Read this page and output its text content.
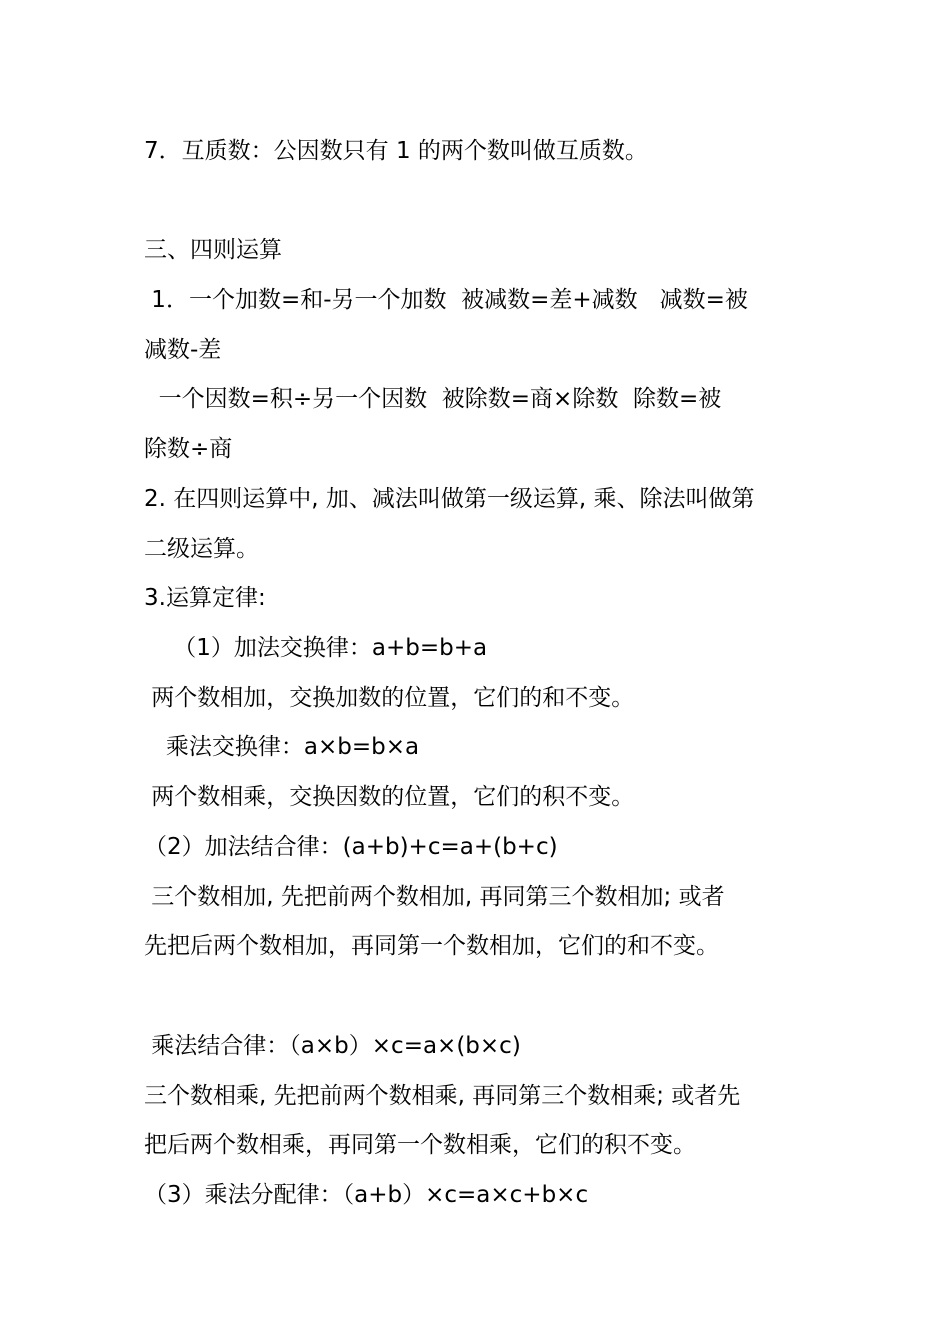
7．互质数：公因数只有 1 的两个数叫做互质数。

三、四则运算

1．一个加数=和-另一个加数  被减数=差+减数   减数=被

减数-差

一个因数=积÷另一个因数  被除数=商×除数  除数=被

除数÷商

2. 在四则运算中, 加、减法叫做第一级运算, 乘、除法叫做第

二级运算。

3.运算定律:

（1）加法交换律：a+b=b+a

两个数相加，交换加数的位置，它们的和不变。

乘法交换律：a×b=b×a

两个数相乘，交换因数的位置，它们的积不变。

（2）加法结合律：(a+b)+c=a+(b+c)

三个数相加, 先把前两个数相加, 再同第三个数相加; 或者

先把后两个数相加，再同第一个数相加，它们的和不变。

乘法结合律：（a×b）×c=a×(b×c)

三个数相乘, 先把前两个数相乘, 再同第三个数相乘; 或者先

把后两个数相乘，再同第一个数相乘，它们的积不变。

（3）乘法分配律：（a+b）×c=a×c+b×c
